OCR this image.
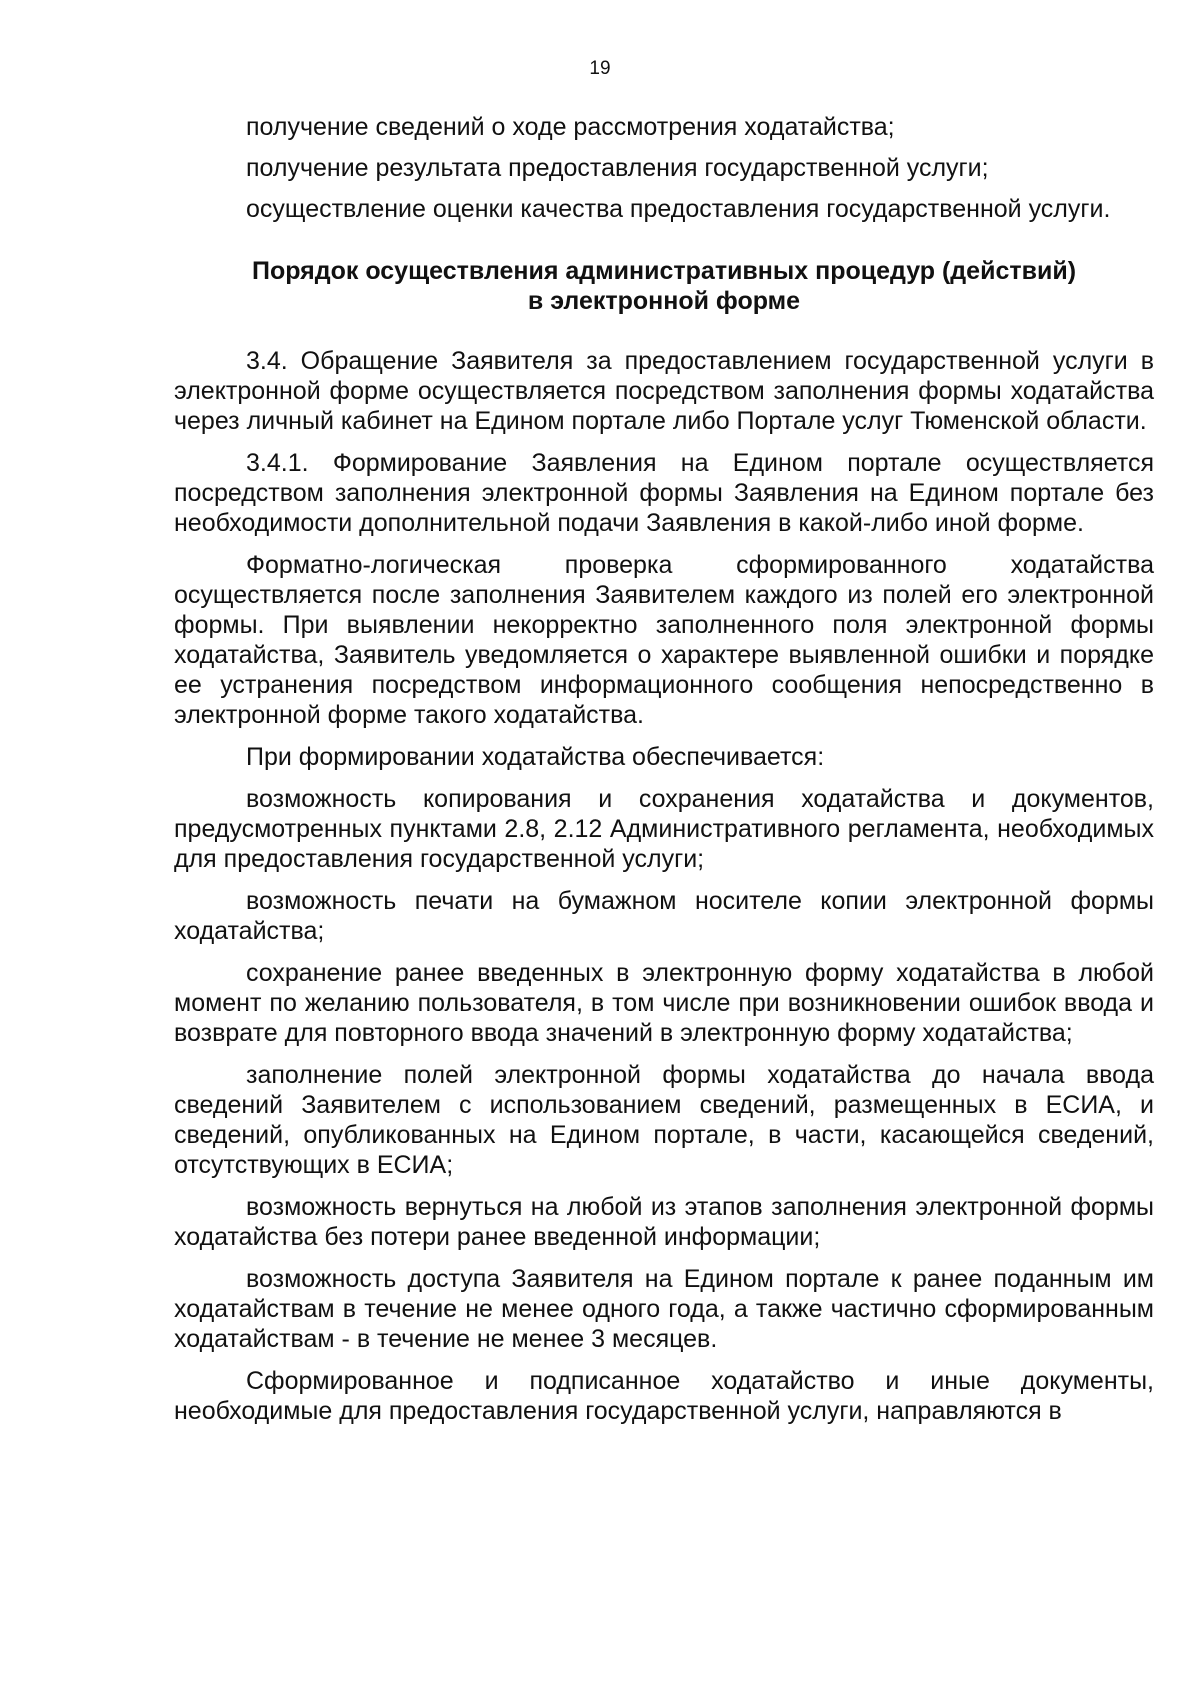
19

получение сведений о ходе рассмотрения ходатайства;

получение результата предоставления государственной услуги;

осуществление оценки качества предоставления государственной услуги.

Порядок осуществления административных процедур (действий)
в электронной форме

3.4. Обращение Заявителя за предоставлением государственной услуги в электронной форме осуществляется посредством заполнения формы ходатайства через личный кабинет на Едином портале либо Портале услуг Тюменской области.

3.4.1. Формирование Заявления на Едином портале осуществляется посредством заполнения электронной формы Заявления на Едином портале без необходимости дополнительной подачи Заявления в какой-либо иной форме.

Форматно-логическая проверка сформированного ходатайства осуществляется после заполнения Заявителем каждого из полей его электронной формы. При выявлении некорректно заполненного поля электронной формы ходатайства, Заявитель уведомляется о характере выявленной ошибки и порядке ее устранения посредством информационного сообщения непосредственно в электронной форме такого ходатайства.

При формировании ходатайства обеспечивается:

возможность копирования и сохранения ходатайства и документов, предусмотренных пунктами 2.8, 2.12 Административного регламента, необходимых для предоставления государственной услуги;

возможность печати на бумажном носителе копии электронной формы ходатайства;

сохранение ранее введенных в электронную форму ходатайства в любой момент по желанию пользователя, в том числе при возникновении ошибок ввода и возврате для повторного ввода значений в электронную форму ходатайства;

заполнение полей электронной формы ходатайства до начала ввода сведений Заявителем с использованием сведений, размещенных в ЕСИА, и сведений, опубликованных на Едином портале, в части, касающейся сведений, отсутствующих в ЕСИА;

возможность вернуться на любой из этапов заполнения электронной формы ходатайства без потери ранее введенной информации;

возможность доступа Заявителя на Едином портале к ранее поданным им ходатайствам в течение не менее одного года, а также частично сформированным ходатайствам - в течение не менее 3 месяцев.

Сформированное и подписанное ходатайство и иные документы, необходимые для предоставления государственной услуги, направляются в
